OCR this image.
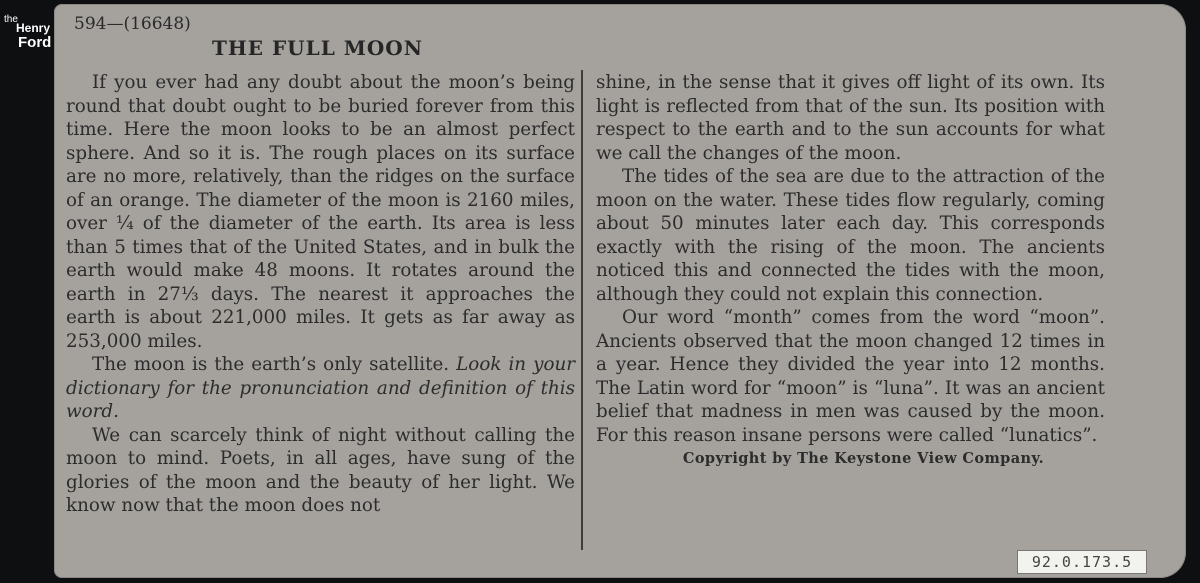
the
Henry
Ford
594—(16648)
THE FULL MOON

If you ever had any doubt about the moon’s being round that doubt ought to be buried forever from this time. Here the moon looks to be an almost perfect sphere. And so it is. The rough places on its surface are no more, relatively, than the ridges on the surface of an orange. The diameter of the moon is 2160 miles, over ¼ of the diameter of the earth. Its area is less than 5 times that of the United States, and in bulk the earth would make 48 moons. It rotates around the earth in 27⅓ days. The nearest it approaches the earth is about 221,000 miles. It gets as far away as 253,000 miles.

The moon is the earth’s only satellite. Look in your dictionary for the pronunciation and definition of this word.

We can scarcely think of night without calling the moon to mind. Poets, in all ages, have sung of the glories of the moon and the beauty of her light. We know now that the moon does not

shine, in the sense that it gives off light of its own. Its light is reflected from that of the sun. Its position with respect to the earth and to the sun accounts for what we call the changes of the moon.

The tides of the sea are due to the attraction of the moon on the water. These tides flow regularly, coming about 50 minutes later each day. This corresponds exactly with the rising of the moon. The ancients noticed this and connected the tides with the moon, although they could not explain this connection.

Our word “month” comes from the word “moon”. Ancients observed that the moon changed 12 times in a year. Hence they divided the year into 12 months. The Latin word for “moon” is “luna”. It was an ancient belief that madness in men was caused by the moon. For this reason insane persons were called “lunatics”.

Copyright by The Keystone View Company.

92.0.173.5
